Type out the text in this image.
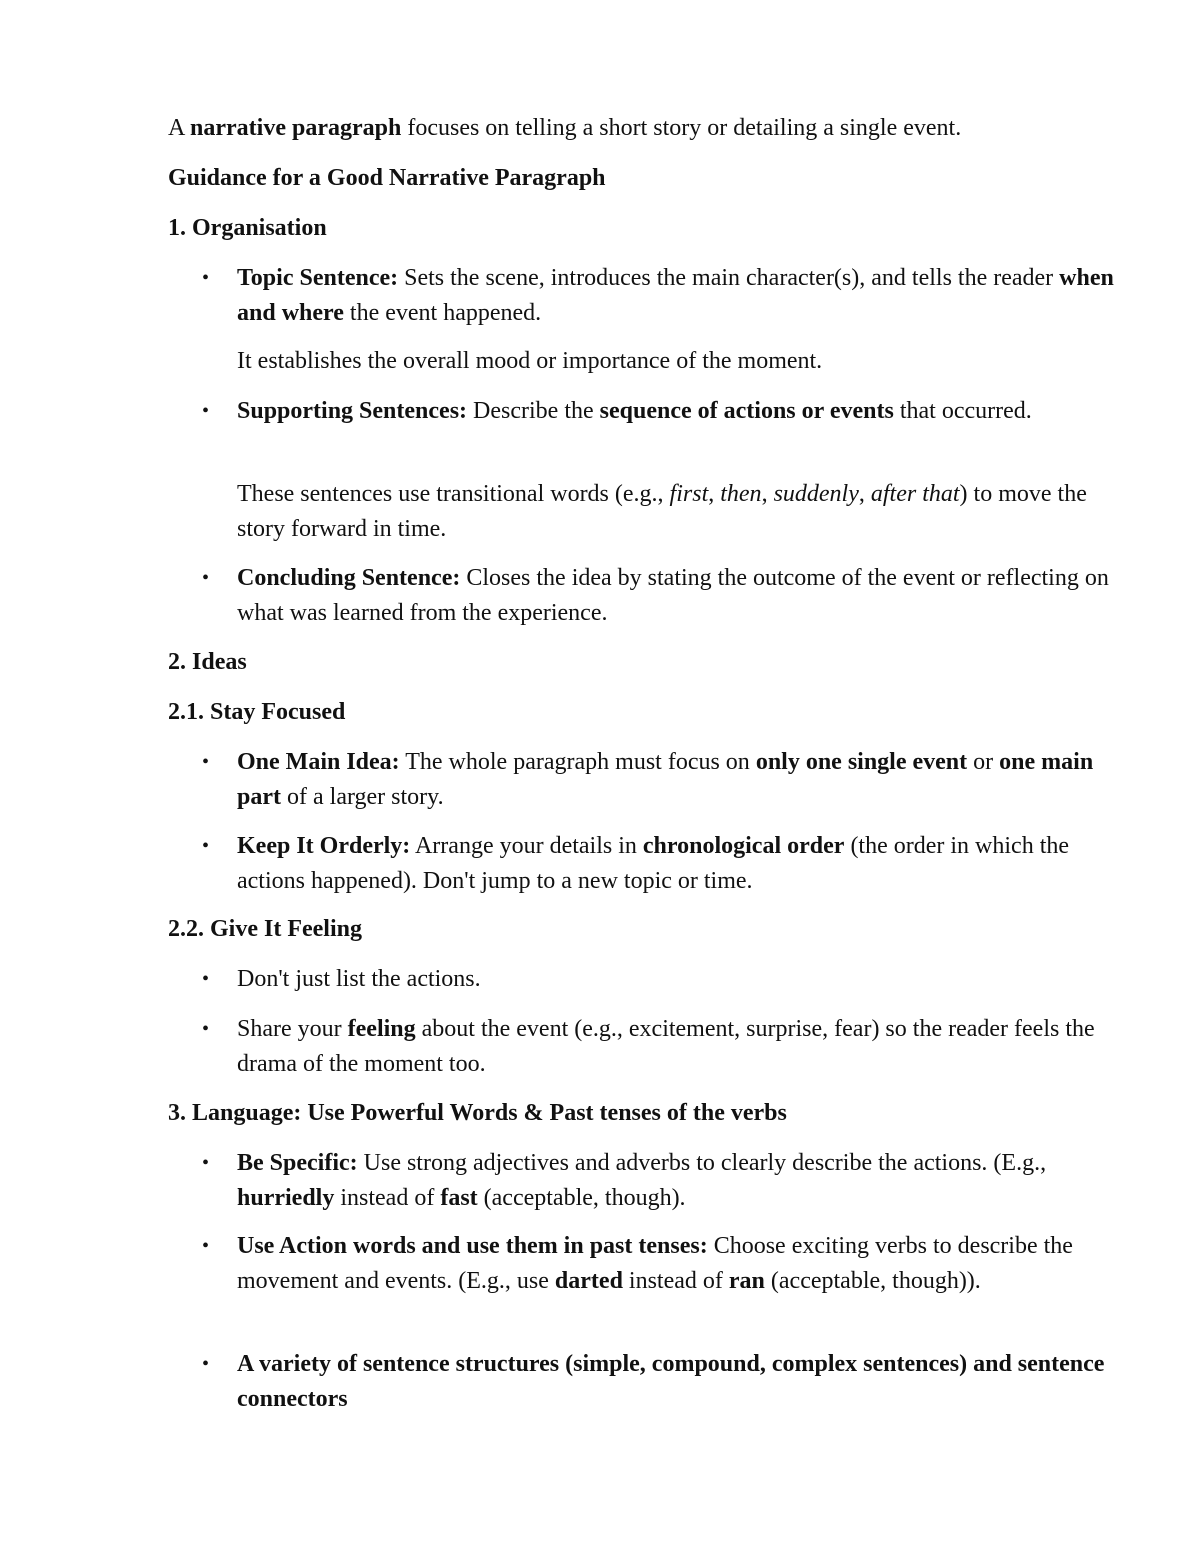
A narrative paragraph focuses on telling a short story or detailing a single event.

Guidance for a Good Narrative Paragraph

1. Organisation

• Topic Sentence: Sets the scene, introduces the main character(s), and tells the reader when and where the event happened.

It establishes the overall mood or importance of the moment.

• Supporting Sentences: Describe the sequence of actions or events that occurred.

These sentences use transitional words (e.g., first, then, suddenly, after that) to move the story forward in time.

• Concluding Sentence: Closes the idea by stating the outcome of the event or reflecting on what was learned from the experience.

2. Ideas

2.1. Stay Focused

• One Main Idea: The whole paragraph must focus on only one single event or one main part of a larger story.

• Keep It Orderly: Arrange your details in chronological order (the order in which the actions happened). Don't jump to a new topic or time.

2.2. Give It Feeling

• Don't just list the actions.

• Share your feeling about the event (e.g., excitement, surprise, fear) so the reader feels the drama of the moment too.

3. Language: Use Powerful Words & Past tenses of the verbs

• Be Specific: Use strong adjectives and adverbs to clearly describe the actions. (E.g., hurriedly instead of fast (acceptable, though).

• Use Action words and use them in past tenses: Choose exciting verbs to describe the movement and events. (E.g., use darted instead of ran (acceptable, though)).

• A variety of sentence structures (simple, compound, complex sentences) and sentence connectors
